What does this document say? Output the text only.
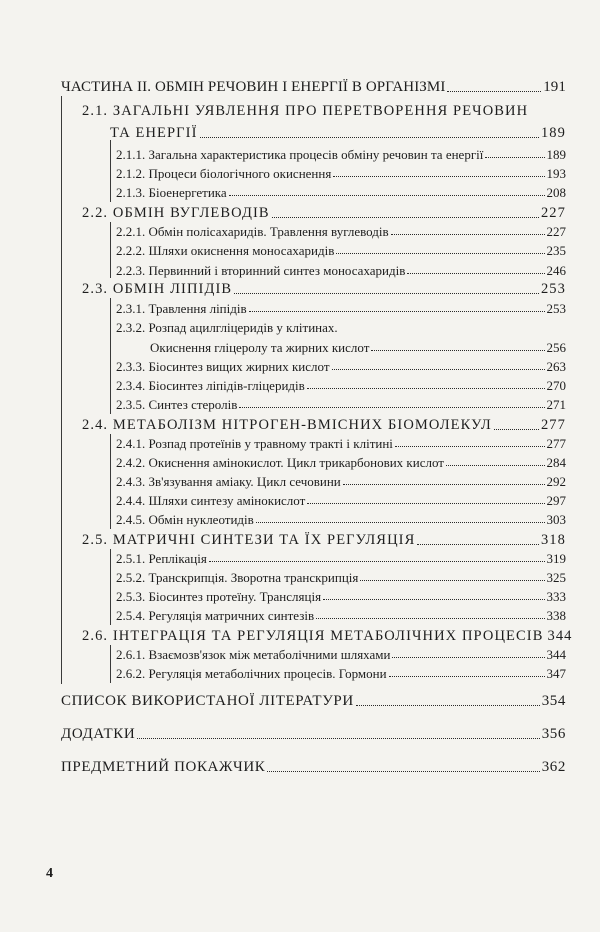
ЧАСТИНА II. ОБМІН РЕЧОВИН І ЕНЕРГІЇ В ОРГАНІЗМІ	191
2.1. ЗАГАЛЬНІ УЯВЛЕННЯ ПРО ПЕРЕТВОРЕННЯ РЕЧОВИН
ТА ЕНЕРГІЇ	189
2.1.1. Загальна характеристика процесів обміну речовин та енергії	189
2.1.2. Процеси біологічного окиснення	193
2.1.3. Біоенергетика	208
2.2. ОБМІН ВУГЛЕВОДІВ	227
2.2.1. Обмін полісахаридів. Травлення вуглеводів	227
2.2.2. Шляхи окиснення моносахаридів	235
2.2.3. Первинний і вторинний синтез моносахаридів	246
2.3. ОБМІН ЛІПІДІВ	253
2.3.1. Травлення ліпідів	253
2.3.2. Розпад ацилгліцеридів у клітинах.
Окиснення гліцеролу та жирних кислот	256
2.3.3. Біосинтез вищих жирних кислот	263
2.3.4. Біосинтез ліпідів-гліцеридів	270
2.3.5. Синтез стеролів	271
2.4. МЕТАБОЛІЗМ НІТРОГЕН-ВМІСНИХ БІОМОЛЕКУЛ	277
2.4.1. Розпад протеїнів у травному тракті і клітині	277
2.4.2. Окиснення амінокислот. Цикл трикарбонових кислот	284
2.4.3. Зв'язування аміаку. Цикл сечовини	292
2.4.4. Шляхи синтезу амінокислот	297
2.4.5. Обмін нуклеотидів	303
2.5. МАТРИЧНІ СИНТЕЗИ ТА ЇХ РЕГУЛЯЦІЯ	318
2.5.1. Реплікація	319
2.5.2. Транскрипція. Зворотна транскрипція	325
2.5.3. Біосинтез протеїну. Трансляція	333
2.5.4. Регуляція матричних синтезів	338
2.6. ІНТЕГРАЦІЯ ТА РЕГУЛЯЦІЯ МЕТАБОЛІЧНИХ ПРОЦЕСІВ 344
2.6.1. Взаємозв'язок між метаболічними шляхами	344
2.6.2. Регуляція метаболічних процесів. Гормони	347
СПИСОК ВИКОРИСТАНОЇ ЛІТЕРАТУРИ	354
ДОДАТКИ	356
ПРЕДМЕТНИЙ ПОКАЖЧИК	362
4
